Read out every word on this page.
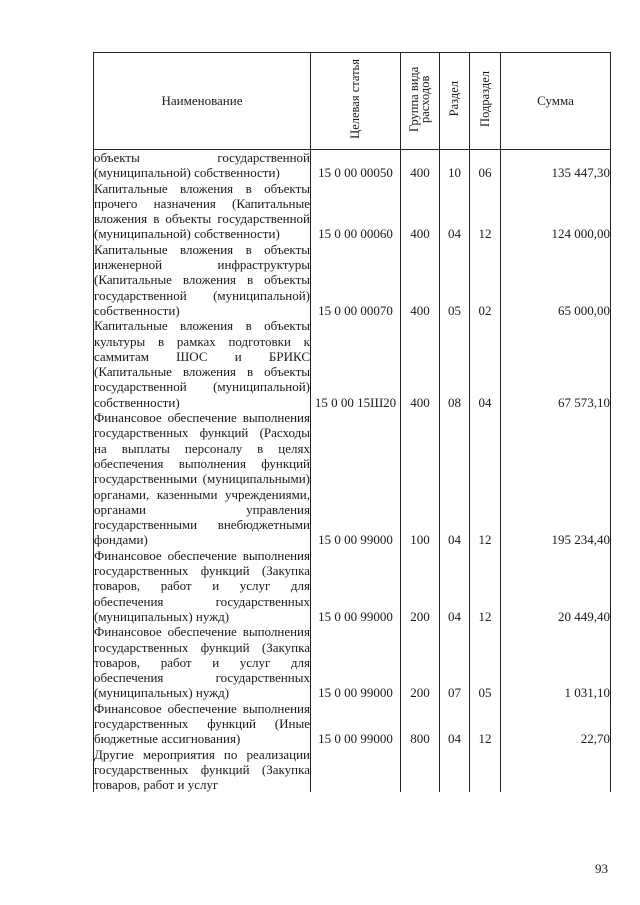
Наименование	Целевая статья	Группа вида расходов	Раздел	Подраздел	Сумма
объекты государственной (муниципальной) собственности)	15 0 00 00050	400	10	06	135 447,30
Капитальные вложения в объекты прочего назначения (Капитальные вложения в объекты государственной (муниципальной) собственности)	15 0 00 00060	400	04	12	124 000,00
Капитальные вложения в объекты инженерной инфраструктуры (Капитальные вложения в объекты государственной (муниципальной) собственности)	15 0 00 00070	400	05	02	65 000,00
Капитальные вложения в объекты культуры в рамках подготовки к саммитам ШОС и БРИКС (Капитальные вложения в объекты государственной (муниципальной) собственности)	15 0 00 15Ш20	400	08	04	67 573,10
Финансовое обеспечение выполнения государственных функций (Расходы на выплаты персоналу в целях обеспечения выполнения функций государственными (муниципальными) органами, казенными учреждениями, органами управления государственными внебюджетными фондами)	15 0 00 99000	100	04	12	195 234,40
Финансовое обеспечение выполнения государственных функций (Закупка товаров, работ и услуг для обеспечения государственных (муниципальных) нужд)	15 0 00 99000	200	04	12	20 449,40
Финансовое обеспечение выполнения государственных функций (Закупка товаров, работ и услуг для обеспечения государственных (муниципальных) нужд)	15 0 00 99000	200	07	05	1 031,10
Финансовое обеспечение выполнения государственных функций (Иные бюджетные ассигнования)	15 0 00 99000	800	04	12	22,70
Другие мероприятия по реализации государственных функций (Закупка товаров, работ и услуг					
93
